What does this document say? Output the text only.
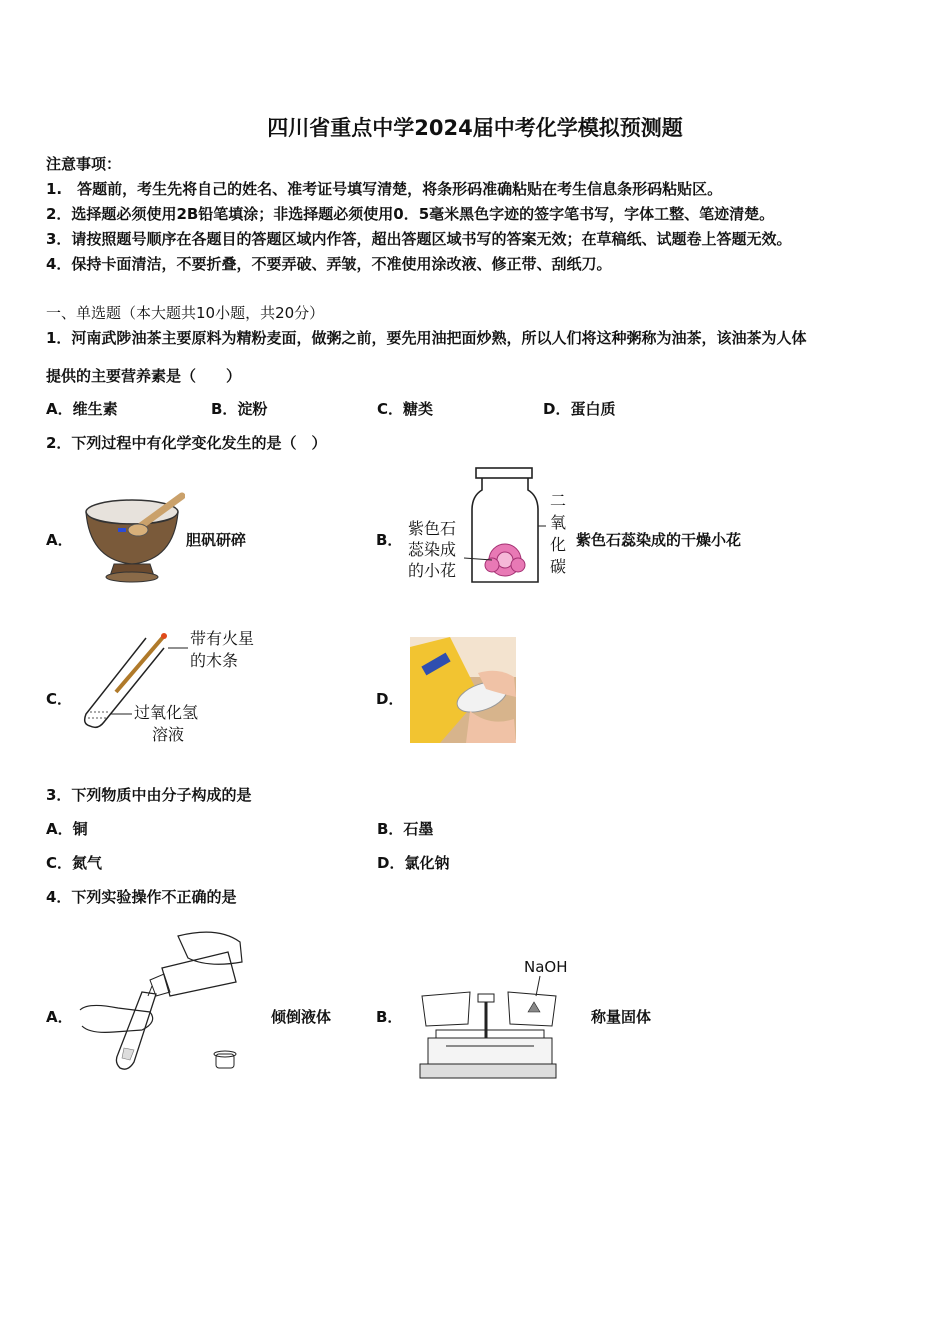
四川省重点中学2024届中考化学模拟预测题
注意事项：
1.　答题前，考生先将自己的姓名、准考证号填写清楚，将条形码准确粘贴在考生信息条形码粘贴区。
2．选择题必须使用2B铅笔填涂；非选择题必须使用0．5毫米黑色字迹的签字笔书写，字体工整、笔迹清楚。
3．请按照题号顺序在各题目的答题区域内作答，超出答题区域书写的答案无效；在草稿纸、试题卷上答题无效。
4．保持卡面清洁，不要折叠，不要弄破、弄皱，不准使用涂改液、修正带、刮纸刀。
一、单选题（本大题共10小题，共20分）
1．河南武陟油茶主要原料为精粉麦面，做粥之前，要先用油把面炒熟，所以人们将这种粥称为油茶，该油茶为人体
提供的主要营养素是（　　）
A．维生素	B．淀粉	C．糖类	D．蛋白质
2．下列过程中有化学变化发生的是（　）
A．	胆矾研碎	B．
紫色石
蕊染成
的小花
二
氧
化
碳
紫色石蕊染成的干燥小花
C．
带有火星
的木条
过氧化氢
溶液
D．
3．下列物质中由分子构成的是
A．铜	B．石墨
C．氮气	D．氯化钠
4．下列实验操作不正确的是
A．	倾倒液体	B．
NaOH
称量固体
